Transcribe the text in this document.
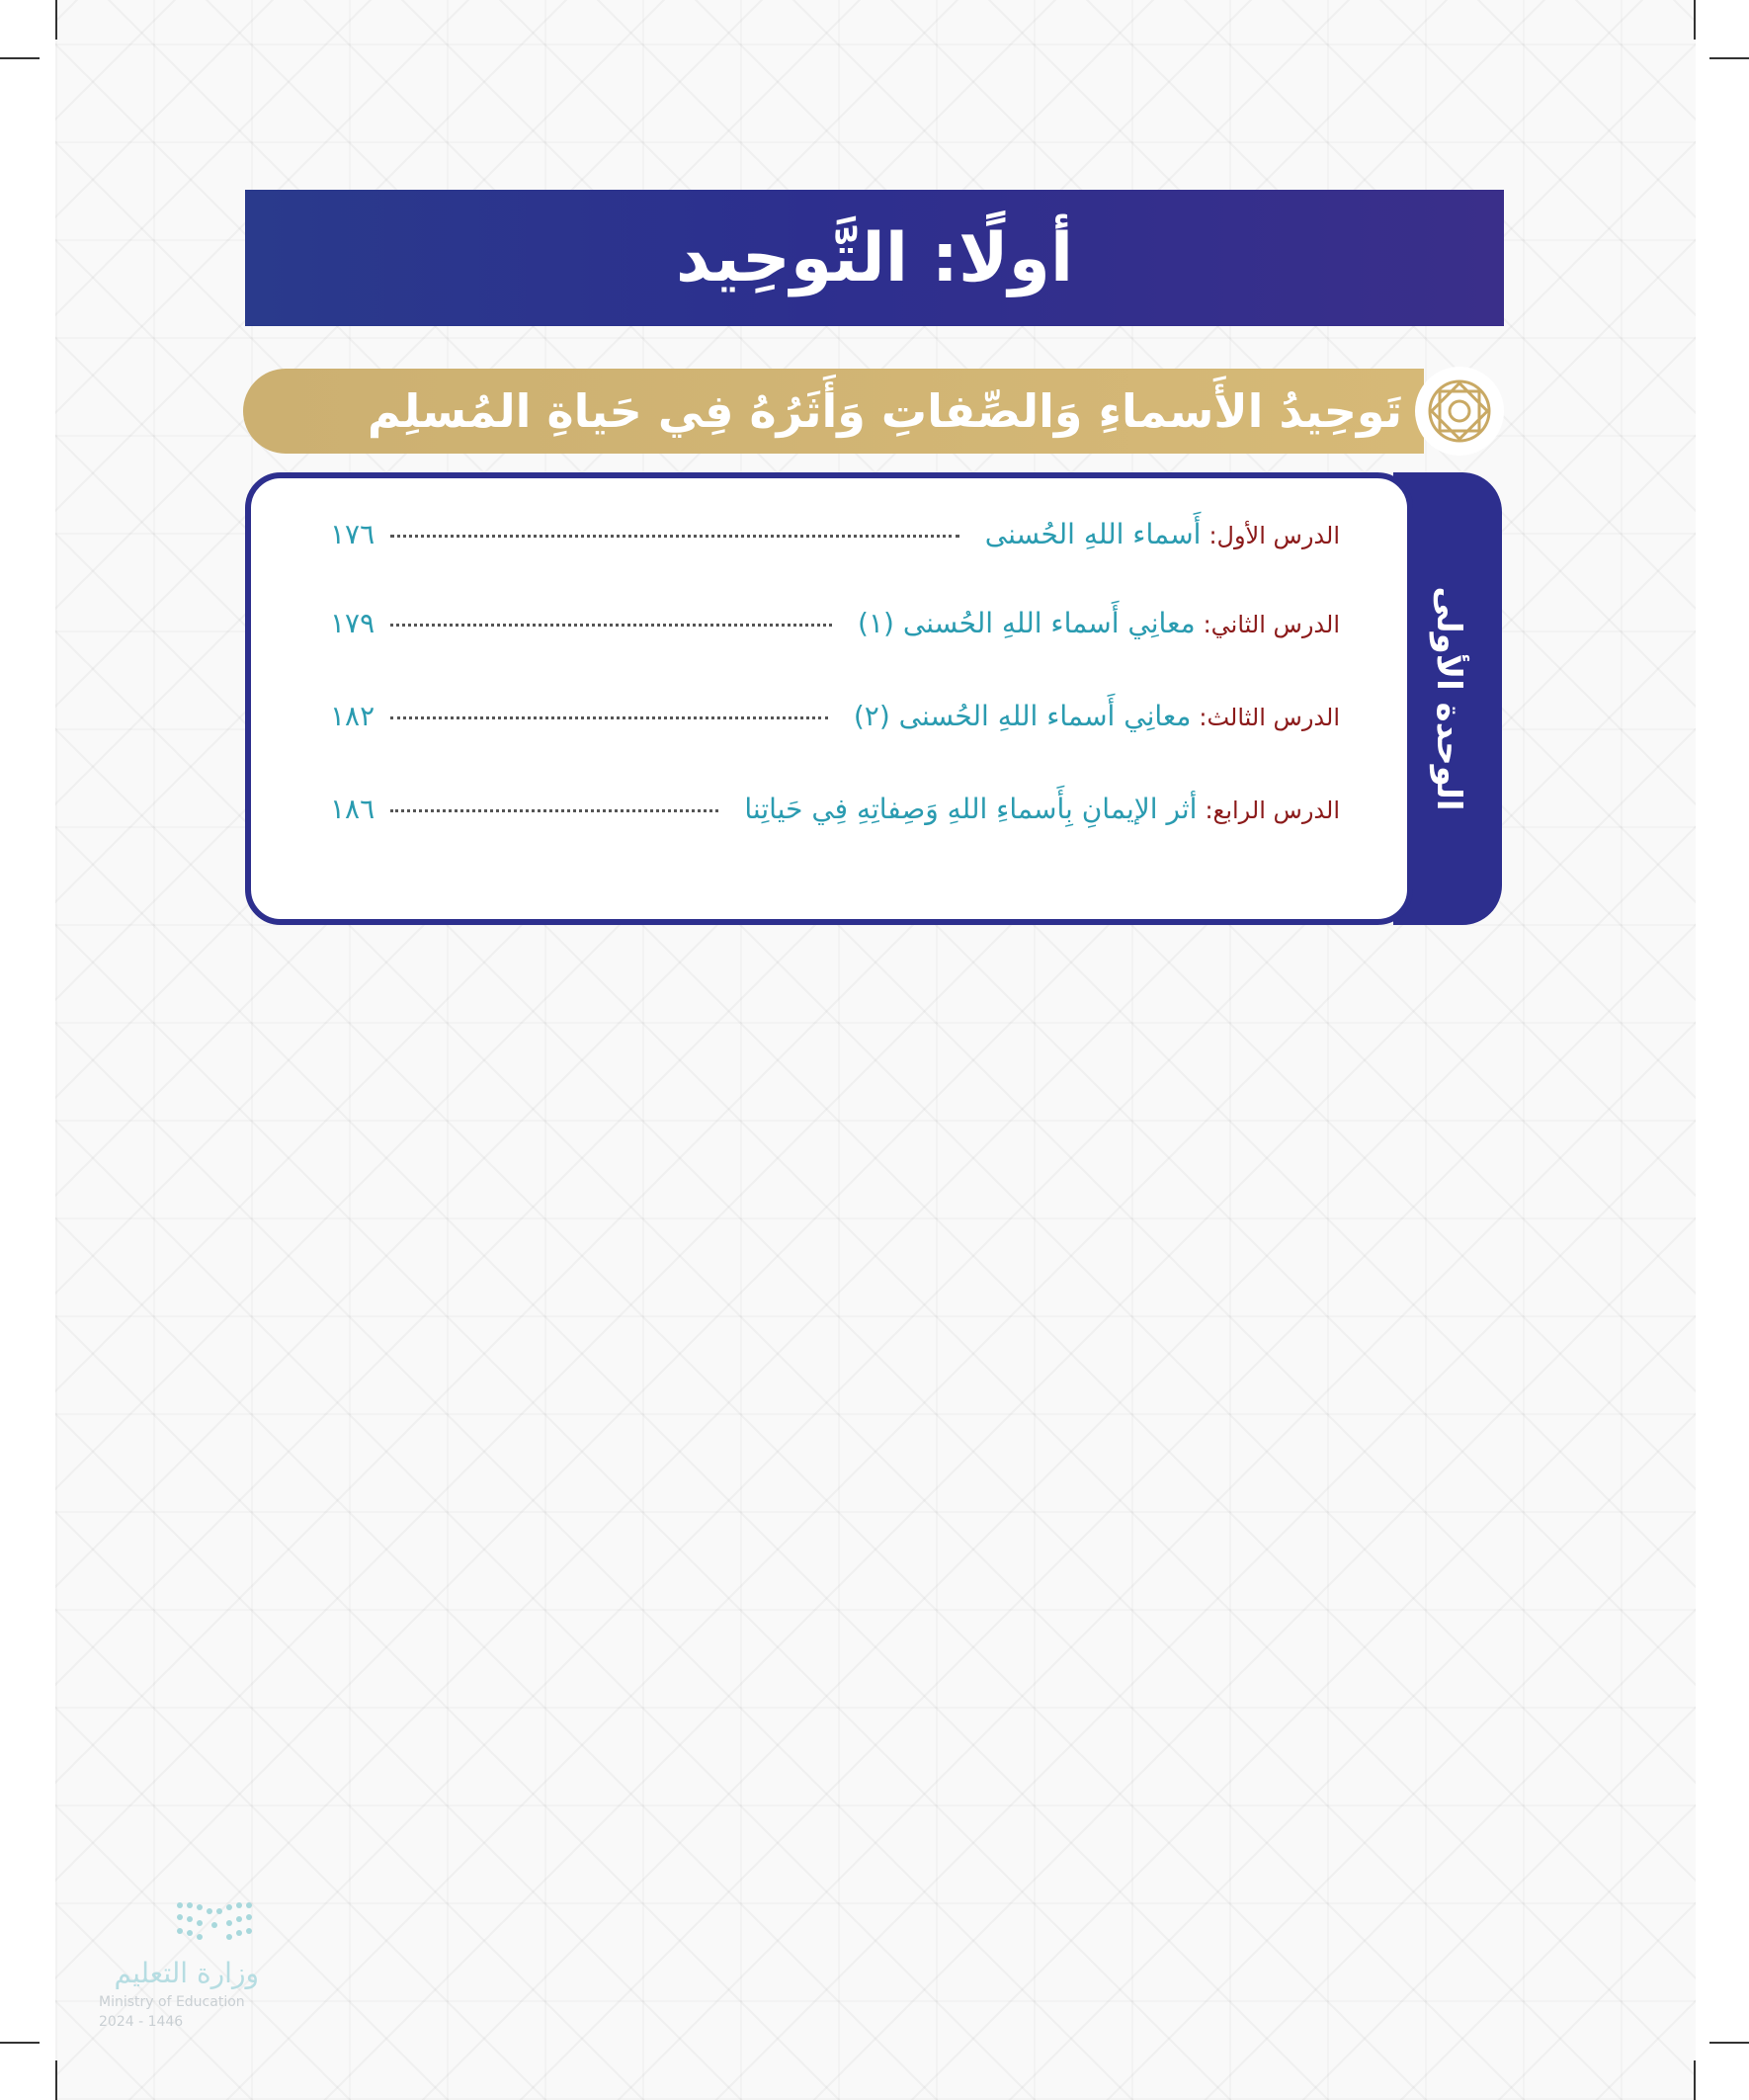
أولًا: التَّوحِيد
تَوحِيدُ الأَسماءِ وَالصِّفاتِ وَأَثَرُهُ فِي حَياةِ المُسلِم
الوحدة الأولى
الدرس الأول:
أَسماء اللهِ الحُسنى
١٧٦
الدرس الثاني:
معانِي أَسماء اللهِ الحُسنى (١)
١٧٩
الدرس الثالث:
معانِي أَسماء اللهِ الحُسنى (٢)
١٨٢
الدرس الرابع:
أثر الإيمانِ بِأَسماءِ اللهِ وَصِفاتِهِ فِي حَياتِنا
١٨٦
وزارة التعليم
Ministry of Education
2024 - 1446
